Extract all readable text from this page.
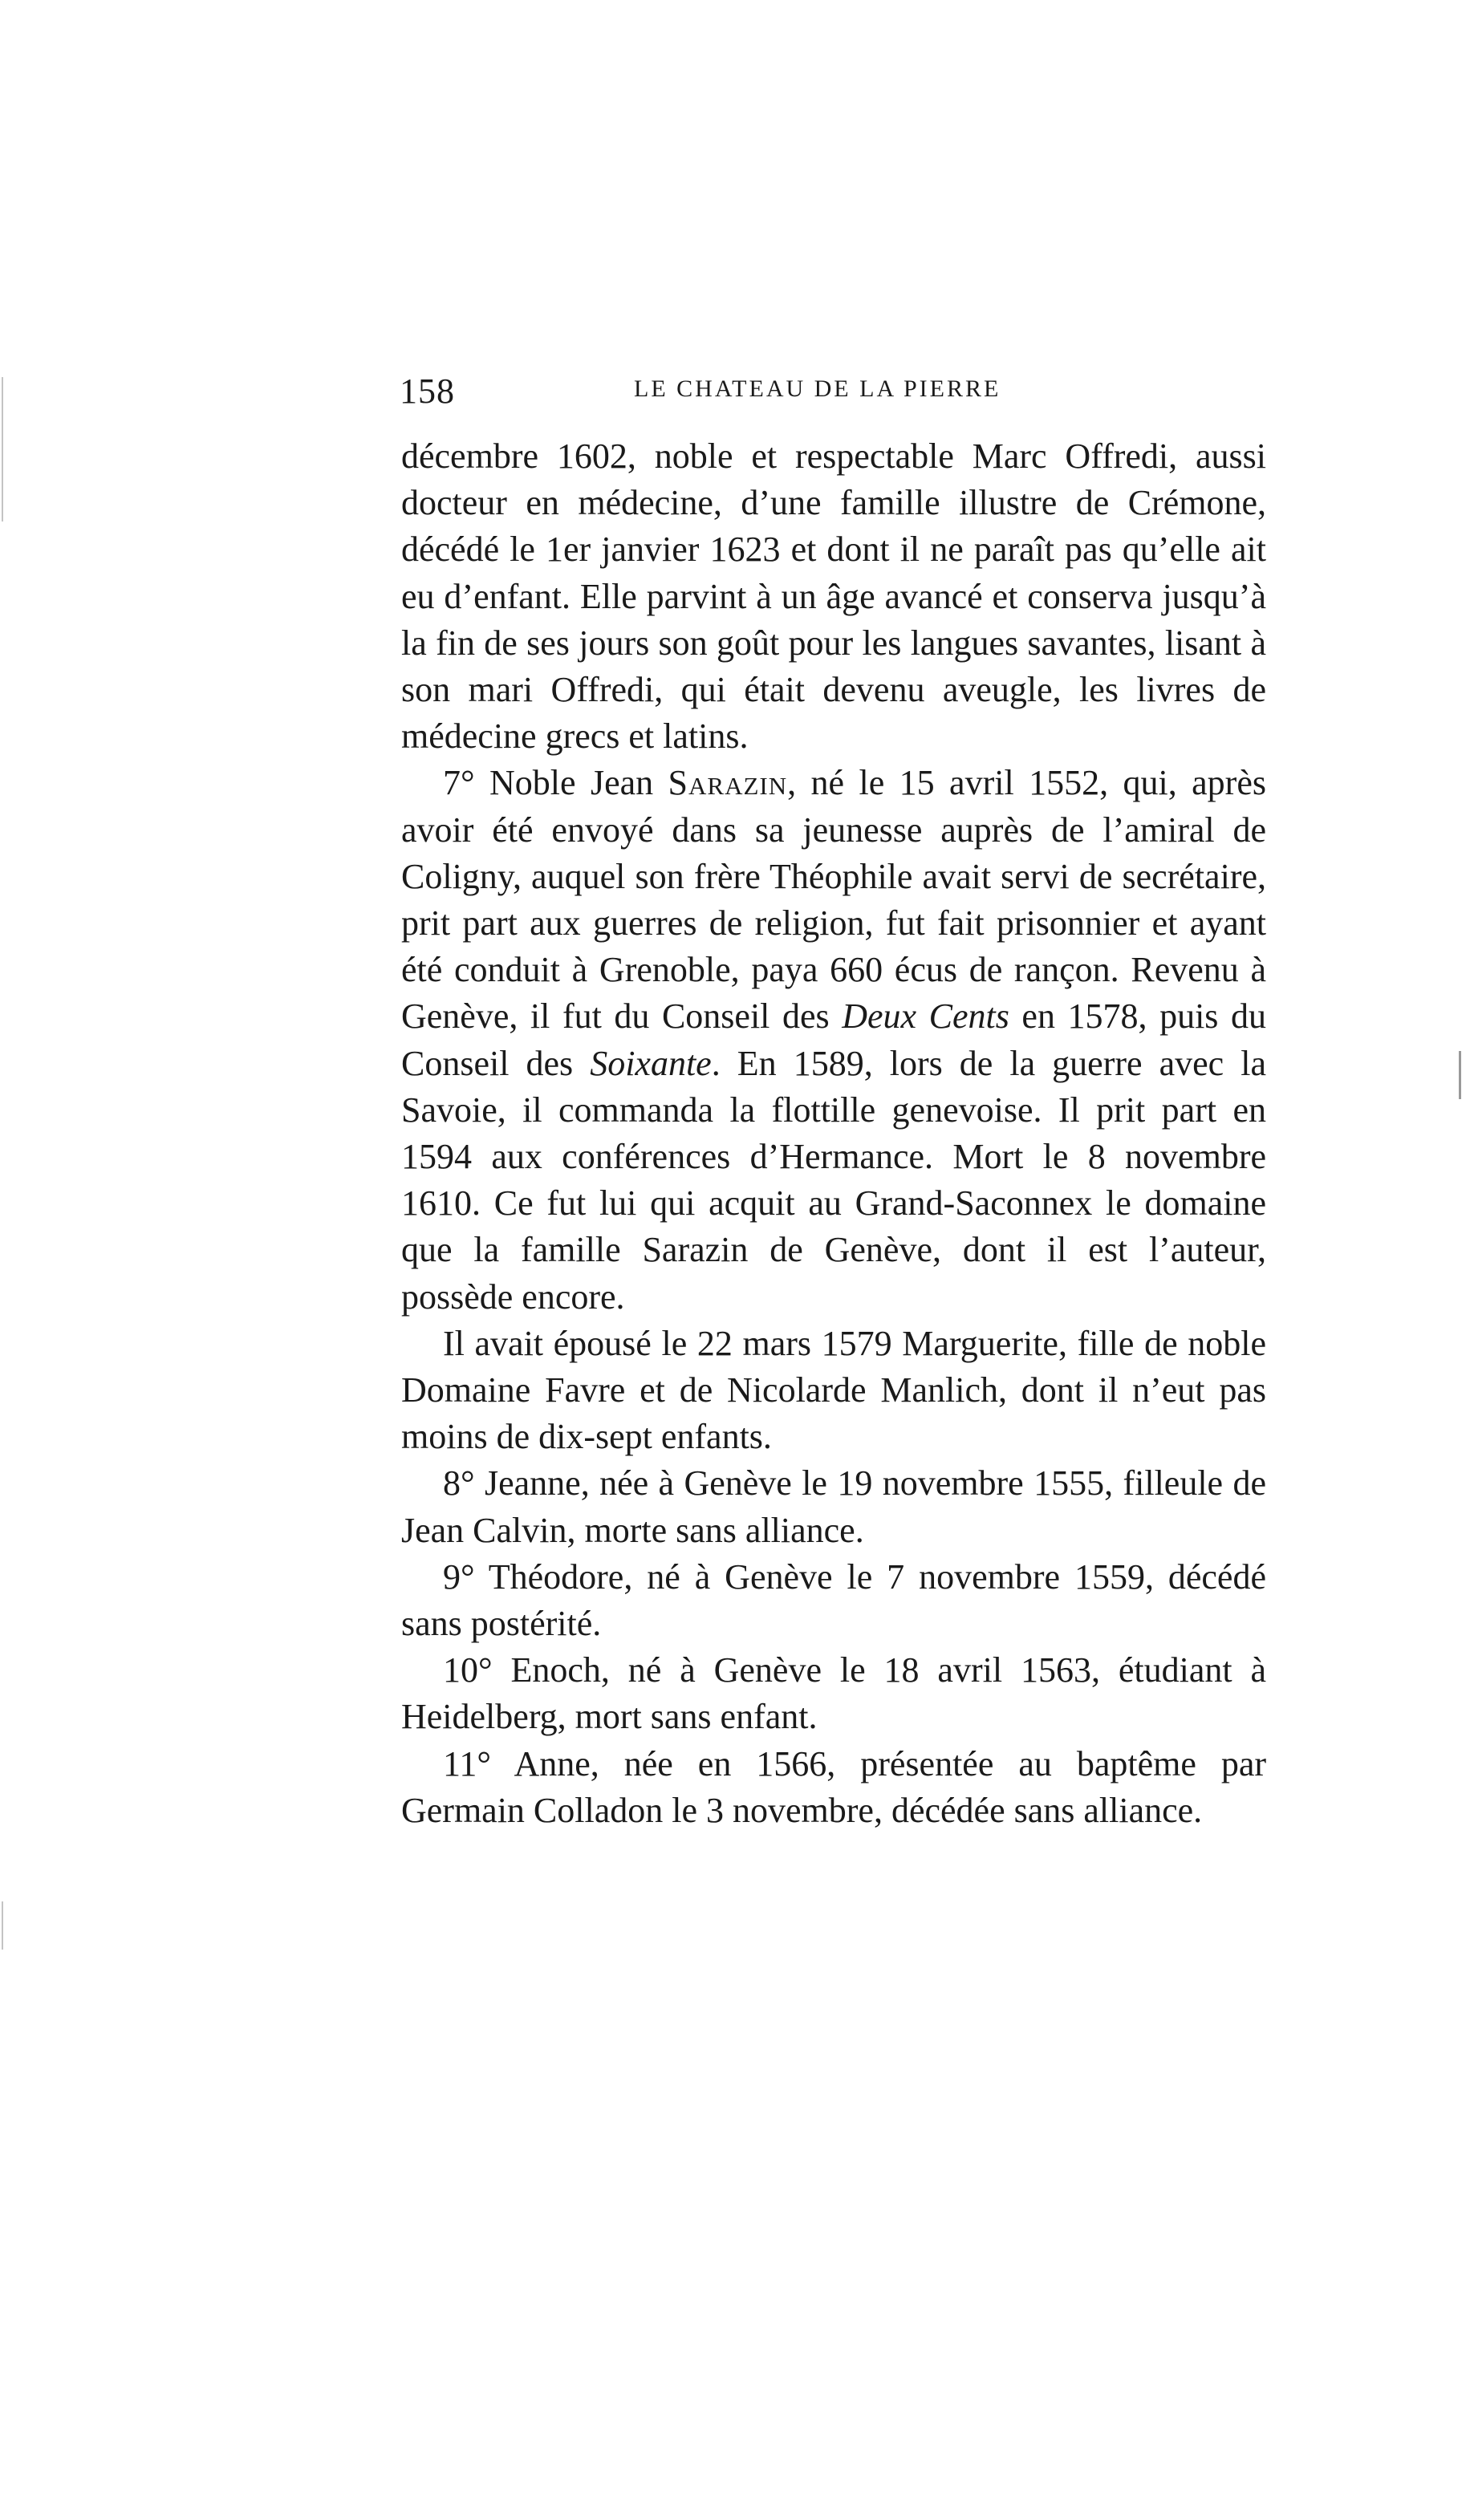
158	LE CHATEAU DE LA PIERRE

décembre 1602, noble et respectable Marc Offredi, aussi docteur en médecine, d’une famille illustre de Crémone, décédé le 1er janvier 1623 et dont il ne paraît pas qu’elle ait eu d’enfant. Elle parvint à un âge avancé et conserva jusqu’à la fin de ses jours son goût pour les langues savantes, lisant à son mari Offredi, qui était devenu aveugle, les livres de médecine grecs et latins.

7° Noble Jean Sarazin, né le 15 avril 1552, qui, après avoir été envoyé dans sa jeunesse auprès de l’amiral de Coligny, auquel son frère Théophile avait servi de secrétaire, prit part aux guerres de religion, fut fait prisonnier et ayant été conduit à Grenoble, paya 660 écus de rançon. Revenu à Genève, il fut du Conseil des Deux Cents en 1578, puis du Conseil des Soixante. En 1589, lors de la guerre avec la Savoie, il commanda la flottille genevoise. Il prit part en 1594 aux conférences d’Hermance. Mort le 8 novembre 1610. Ce fut lui qui acquit au Grand-Saconnex le domaine que la famille Sarazin de Genève, dont il est l’auteur, possède encore.

Il avait épousé le 22 mars 1579 Marguerite, fille de noble Domaine Favre et de Nicolarde Manlich, dont il n’eut pas moins de dix-sept enfants.

8° Jeanne, née à Genève le 19 novembre 1555, filleule de Jean Calvin, morte sans alliance.

9° Théodore, né à Genève le 7 novembre 1559, décédé sans postérité.

10° Enoch, né à Genève le 18 avril 1563, étudiant à Heidelberg, mort sans enfant.

11° Anne, née en 1566, présentée au baptême par Germain Colladon le 3 novembre, décédée sans alliance.
